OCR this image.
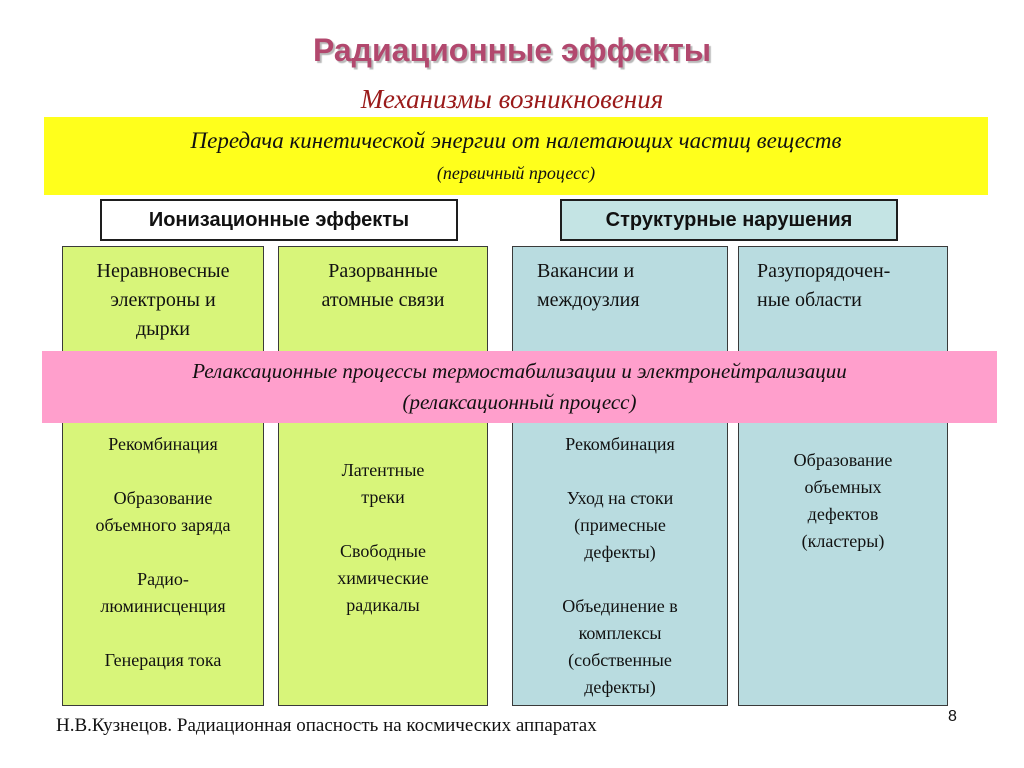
Радиационные эффекты
Механизмы возникновения
Передача кинетической энергии от налетающих частиц веществ
(первичный процесс)
Ионизационные эффекты	Структурные нарушения
Неравновесные
электроны и
дырки
Рекомбинация
Образование
объемного заряда
Радио-
люминисценция
Генерация тока
Разорванные
атомные связи
Латентные
треки
Свободные
химические
радикалы
Вакансии и
междоузлия
Рекомбинация
Уход на стоки
(примесные
дефекты)
Объединение в
комплексы
(собственные
дефекты)
Разупорядочен-
ные области
Образование
объемных
дефектов
(кластеры)
Релаксационные процессы термостабилизации и электронейтрализации
(релаксационный процесс)
Н.В.Кузнецов. Радиационная опасность на космических аппаратах	8
